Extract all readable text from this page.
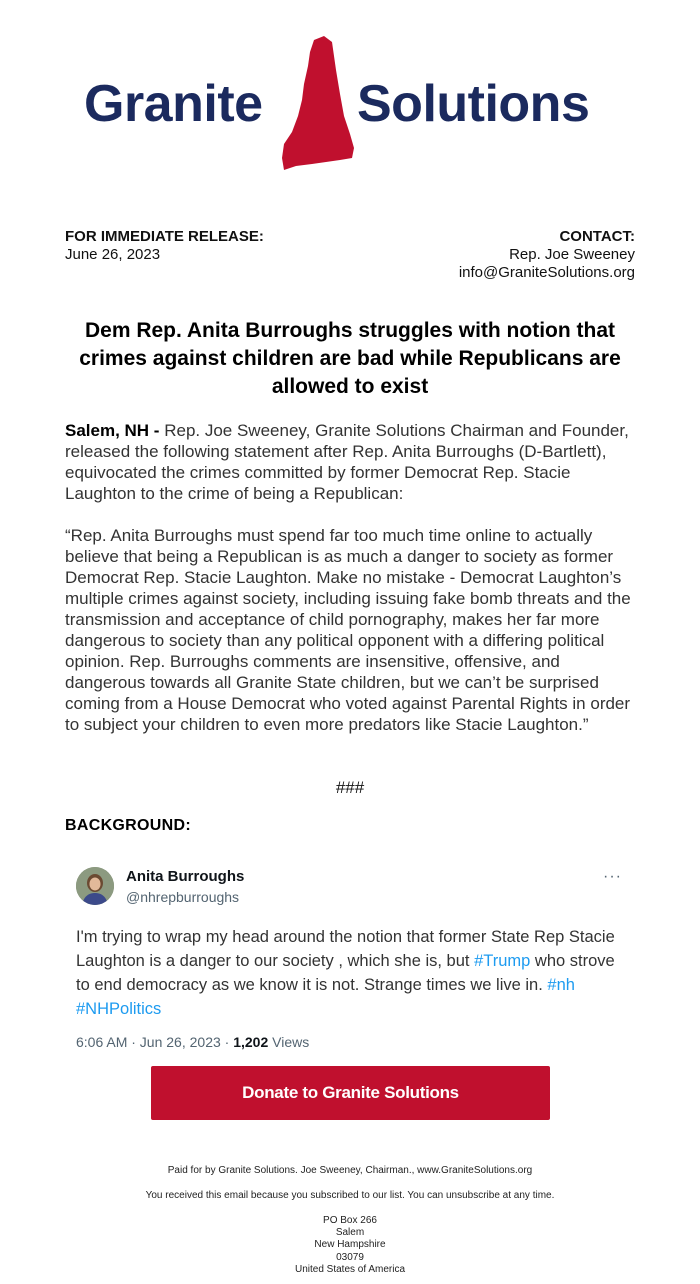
Granite Solutions
FOR IMMEDIATE RELEASE:
June 26, 2023
CONTACT:
Rep. Joe Sweeney
info@GraniteSolutions.org
Dem Rep. Anita Burroughs struggles with notion that crimes against children are bad while Republicans are allowed to exist

Salem, NH - Rep. Joe Sweeney, Granite Solutions Chairman and Founder, released the following statement after Rep. Anita Burroughs (D-Bartlett), equivocated the crimes committed by former Democrat Rep. Stacie Laughton to the crime of being a Republican:

“Rep. Anita Burroughs must spend far too much time online to actually believe that being a Republican is as much a danger to society as former Democrat Rep. Stacie Laughton. Make no mistake - Democrat Laughton’s multiple crimes against society, including issuing fake bomb threats and the transmission and acceptance of child pornography, makes her far more dangerous to society than any political opponent with a differing political opinion. Rep. Burroughs comments are insensitive, offensive, and dangerous towards all Granite State children, but we can’t be surprised coming from a House Democrat who voted against Parental Rights in order to subject your children to even more predators like Stacie Laughton.”

###
BACKGROUND:
Anita Burroughs
@nhrepburroughs
···
I'm trying to wrap my head around the notion that former State Rep Stacie Laughton is a danger to our society , which she is, but #Trump who strove to end democracy as we know it is not. Strange times we live in. #nh #NHPolitics
6:06 AM · Jun 26, 2023 · 1,202 Views
Donate to Granite Solutions
Paid for by Granite Solutions. Joe Sweeney, Chairman., www.GraniteSolutions.org
You received this email because you subscribed to our list. You can unsubscribe at any time.
PO Box 266
Salem
New Hampshire
03079
United States of America
